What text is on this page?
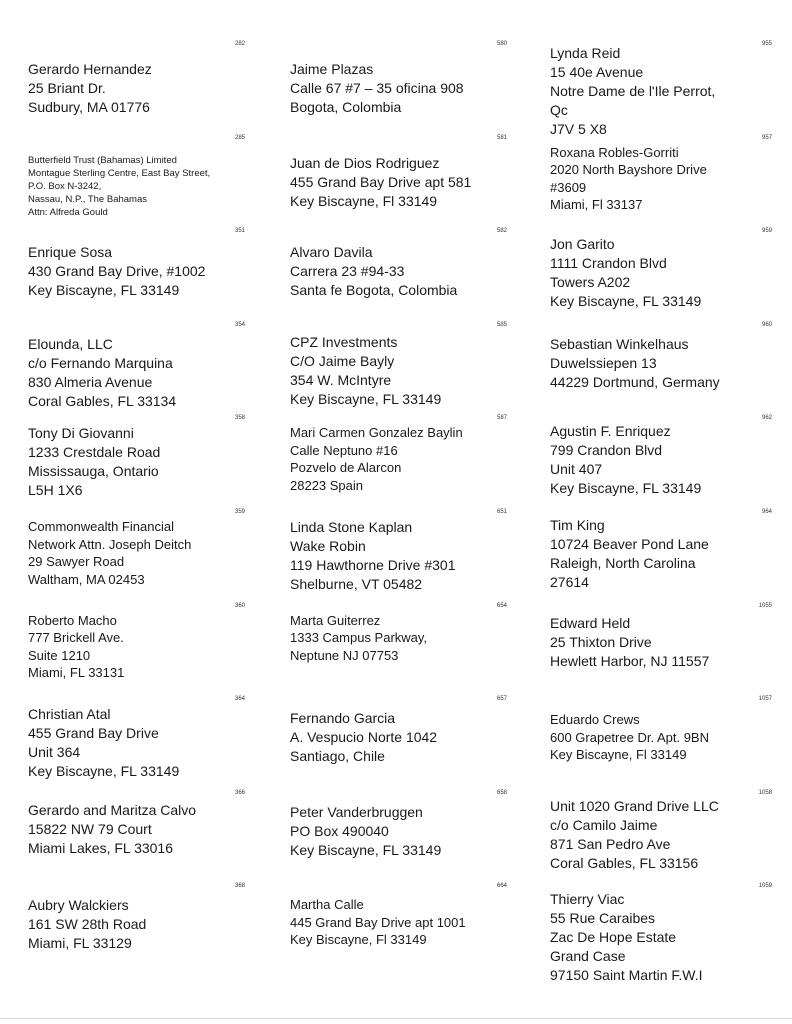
282
Gerardo Hernandez
25 Briant Dr.
Sudbury, MA 01776
285
Butterfield Trust (Bahamas) Limited
Montague Sterling Centre, East Bay Street,
P.O. Box N-3242,
Nassau, N.P., The Bahamas
Attn: Alfreda Gould
351
Enrique Sosa
430 Grand Bay Drive, #1002
Key Biscayne, FL 33149
354
Elounda, LLC
c/o Fernando Marquina
830 Almeria Avenue
Coral Gables, FL 33134
358
Tony Di Giovanni
1233 Crestdale Road
Mississauga, Ontario
L5H 1X6
359
Commonwealth Financial
Network Attn. Joseph Deitch
29 Sawyer Road
Waltham, MA 02453
360
Roberto Macho
777 Brickell Ave.
Suite 1210
Miami, FL 33131
364
Christian Atal
455 Grand Bay Drive
Unit 364
Key Biscayne, FL 33149
366
Gerardo and Maritza Calvo
15822 NW 79 Court
Miami Lakes, FL 33016
368
Aubry Walckiers
161 SW 28th Road
Miami, FL 33129
580
Jaime Plazas
Calle 67 #7 – 35 oficina 908
Bogota, Colombia
581
Juan de Dios Rodriguez
455 Grand Bay Drive apt 581
Key Biscayne, Fl 33149
582
Alvaro Davila
Carrera 23 #94-33
Santa fe Bogota, Colombia
585
CPZ Investments
C/O Jaime Bayly
354 W. McIntyre
Key Biscayne, FL 33149
587
Mari Carmen Gonzalez Baylin
Calle Neptuno #16
Pozvelo de Alarcon
28223 Spain
651
Linda Stone Kaplan
Wake Robin
119 Hawthorne Drive #301
Shelburne, VT 05482
654
Marta Guiterrez
1333 Campus Parkway,
Neptune NJ 07753
657
Fernando Garcia
A. Vespucio Norte 1042
Santiago, Chile
658
Peter Vanderbruggen
PO Box 490040
Key Biscayne, FL 33149
664
Martha Calle
445 Grand Bay Drive apt 1001
Key Biscayne, Fl 33149
955
Lynda Reid
15 40e Avenue
Notre Dame de l'Ile Perrot,
Qc
J7V 5 X8
957
Roxana Robles-Gorriti
2020 North Bayshore Drive
#3609
Miami, Fl 33137
959
Jon Garito
1111 Crandon Blvd
Towers A202
Key Biscayne, FL 33149
960
Sebastian Winkelhaus
Duwelssiepen 13
44229 Dortmund, Germany
962
Agustin F. Enriquez
799 Crandon Blvd
Unit 407
Key Biscayne, FL 33149
964
Tim King
10724 Beaver Pond Lane
Raleigh, North Carolina
27614
1055
Edward Held
25 Thixton Drive
Hewlett Harbor, NJ 11557
1057
Eduardo Crews
600 Grapetree Dr. Apt. 9BN
Key Biscayne, Fl 33149
1058
Unit 1020 Grand Drive LLC
c/o Camilo Jaime
871 San Pedro Ave
Coral Gables, FL 33156
1059
Thierry Viac
55 Rue Caraibes
Zac De Hope Estate
Grand Case
97150 Saint Martin F.W.I
